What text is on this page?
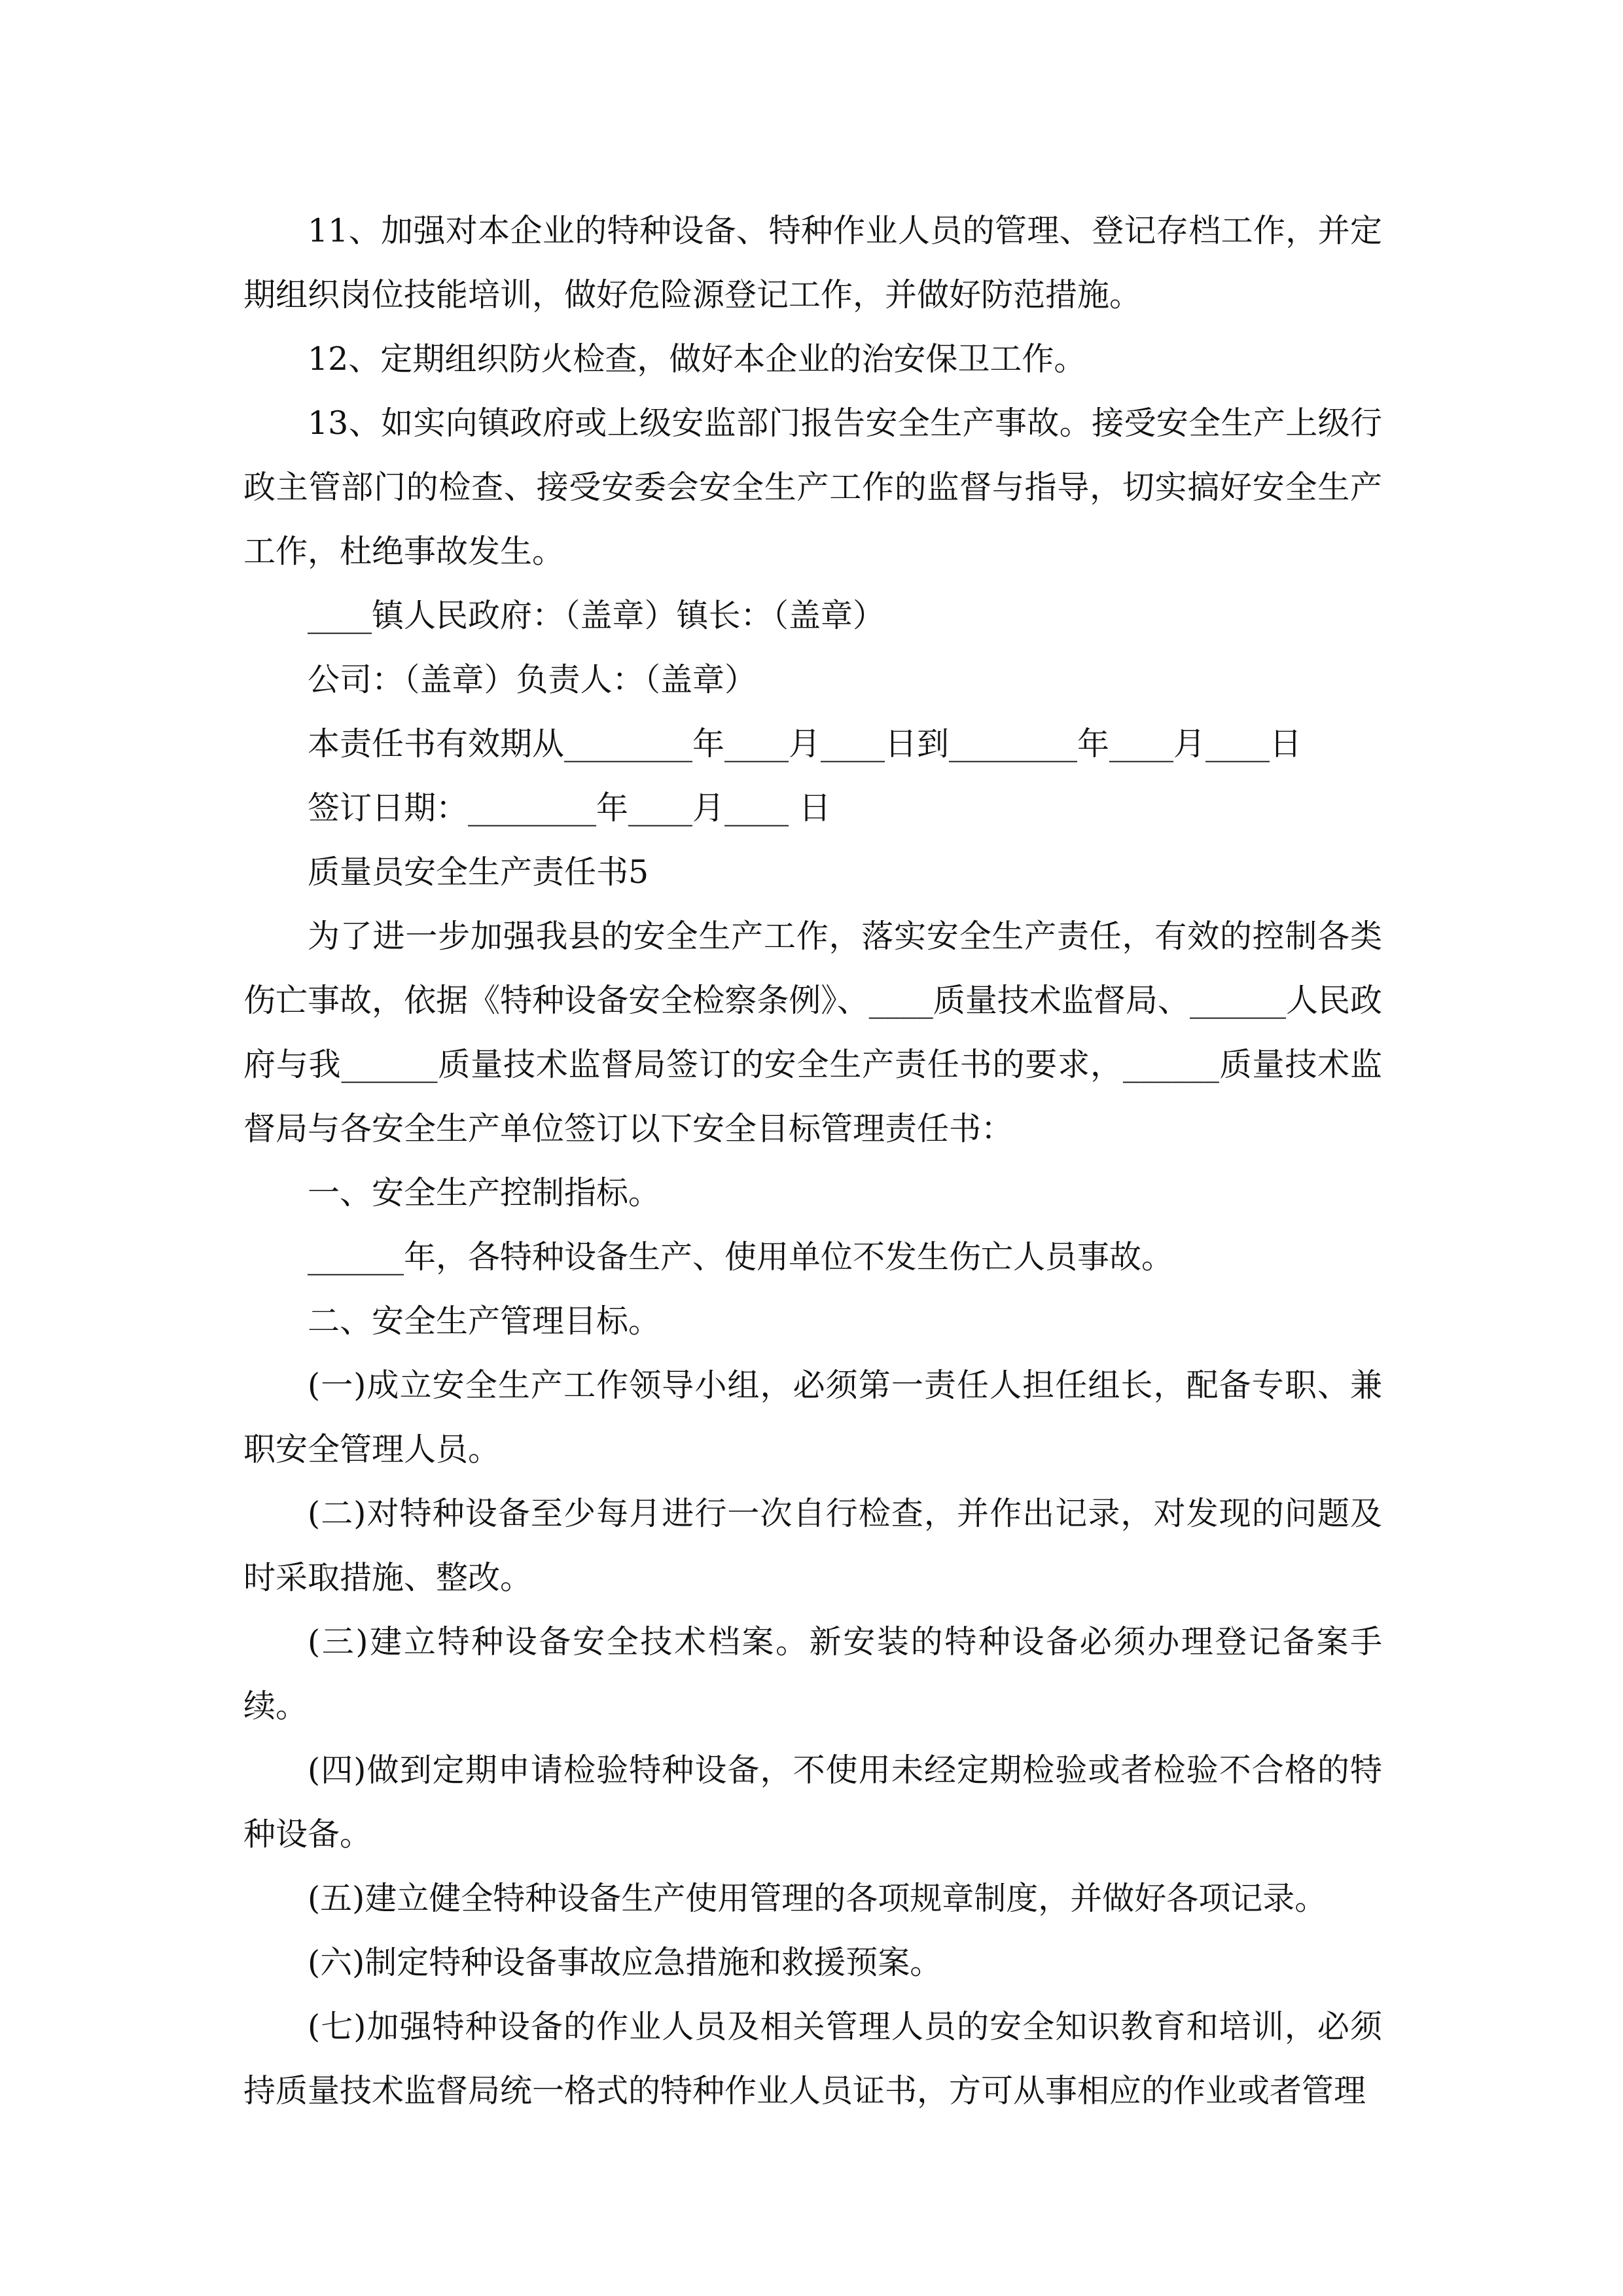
11、加强对本企业的特种设备、特种作业人员的管理、登记存档工作，并定期组织岗位技能培训，做好危险源登记工作，并做好防范措施。

12、定期组织防火检查，做好本企业的治安保卫工作。

13、如实向镇政府或上级安监部门报告安全生产事故。接受安全生产上级行政主管部门的检查、接受安委会安全生产工作的监督与指导，切实搞好安全生产工作，杜绝事故发生。

____镇人民政府：（盖章）镇长：（盖章）

公司：（盖章）负责人：（盖章）

本责任书有效期从________年____月____日到________年____月____日

签订日期：________年____月____ 日

质量员安全生产责任书5

为了进一步加强我县的安全生产工作，落实安全生产责任，有效的控制各类伤亡事故，依据《特种设备安全检察条例》、____质量技术监督局、______人民政府与我______质量技术监督局签订的安全生产责任书的要求，______质量技术监督局与各安全生产单位签订以下安全目标管理责任书：

一、安全生产控制指标。

______年，各特种设备生产、使用单位不发生伤亡人员事故。

二、安全生产管理目标。

(一)成立安全生产工作领导小组，必须第一责任人担任组长，配备专职、兼职安全管理人员。

(二)对特种设备至少每月进行一次自行检查，并作出记录，对发现的问题及时采取措施、整改。

(三)建立特种设备安全技术档案。新安装的特种设备必须办理登记备案手续。

(四)做到定期申请检验特种设备，不使用未经定期检验或者检验不合格的特种设备。

(五)建立健全特种设备生产使用管理的各项规章制度，并做好各项记录。

(六)制定特种设备事故应急措施和救援预案。

(七)加强特种设备的作业人员及相关管理人员的安全知识教育和培训，必须持质量技术监督局统一格式的特种作业人员证书，方可从事相应的作业或者管理
